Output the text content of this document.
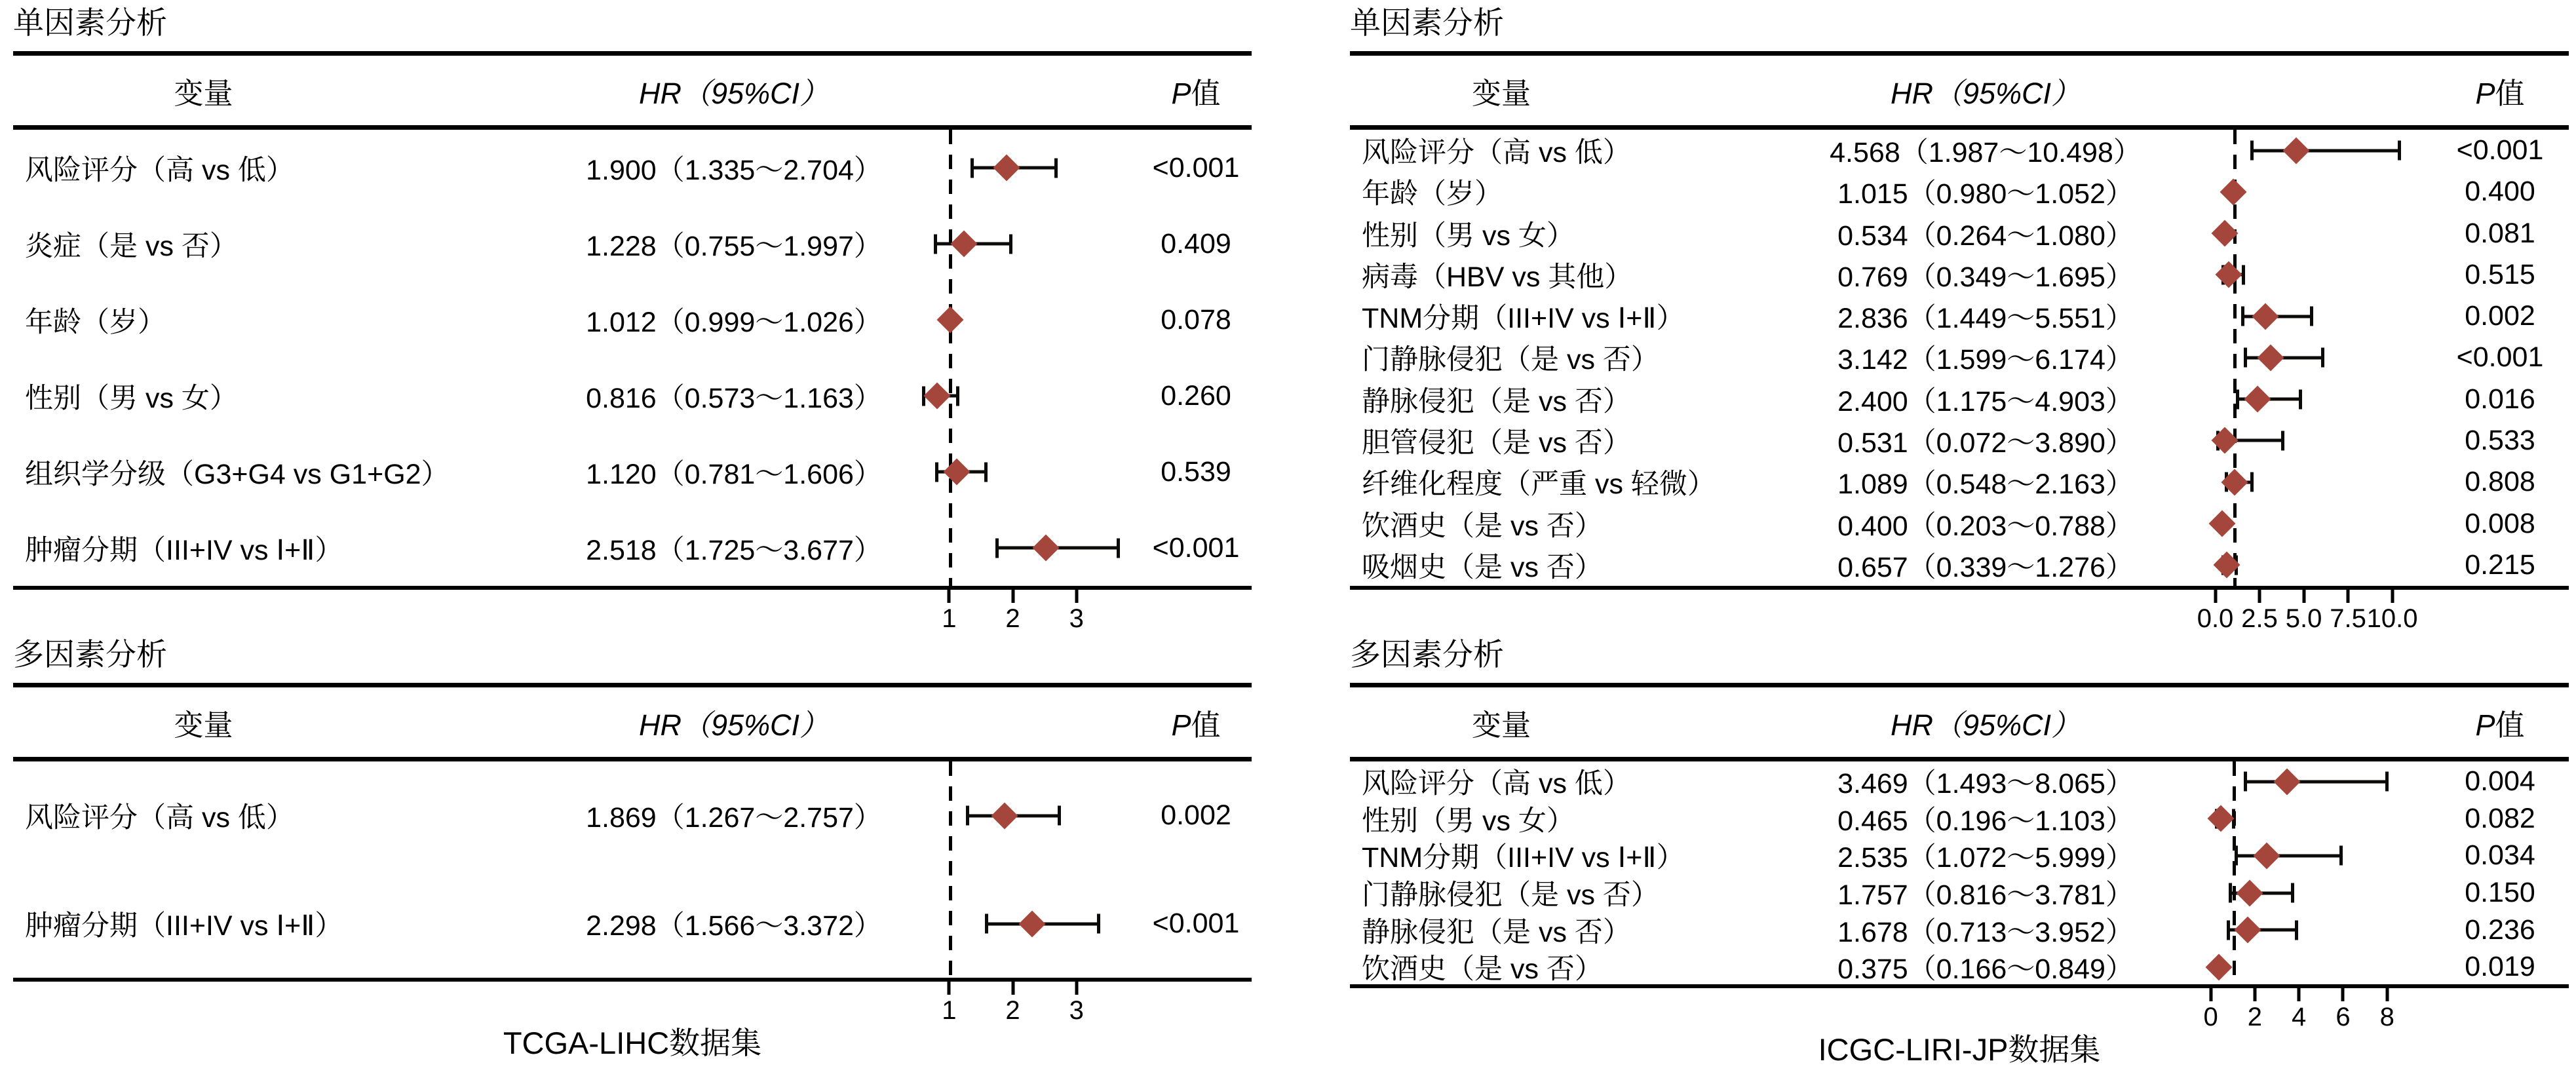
单因素分析
变量	HR（95%CI）	P值
风险评分（高 vs 低）	1.900（1.335～2.704）	<0.001
炎症（是 vs 否）	1.228（0.755～1.997）	0.409
年龄（岁）	1.012（0.999～1.026）	0.078
性别（男 vs 女）	0.816（0.573～1.163）	0.260
组织学分级（G3+G4 vs G1+G2）	1.120（0.781～1.606）	0.539
肿瘤分期（III+IV vs Ⅰ+Ⅱ）	2.518（1.725～3.677）	<0.001
1 2 3
多因素分析
变量	HR（95%CI）	P值
风险评分（高 vs 低）	1.869（1.267～2.757）	0.002
肿瘤分期（III+IV vs Ⅰ+Ⅱ）	2.298（1.566～3.372）	<0.001
1 2 3
TCGA-LIHC数据集
单因素分析
变量	HR（95%CI）	P值
风险评分（高 vs 低）	4.568（1.987～10.498）	<0.001
年龄（岁）	1.015（0.980～1.052）	0.400
性别（男 vs 女）	0.534（0.264～1.080）	0.081
病毒（HBV vs 其他）	0.769（0.349～1.695）	0.515
TNM分期（III+IV vs Ⅰ+Ⅱ）	2.836（1.449～5.551）	0.002
门静脉侵犯（是 vs 否）	3.142（1.599～6.174）	<0.001
静脉侵犯（是 vs 否）	2.400（1.175～4.903）	0.016
胆管侵犯（是 vs 否）	0.531（0.072～3.890）	0.533
纤维化程度（严重 vs 轻微）	1.089（0.548～2.163）	0.808
饮酒史（是 vs 否）	0.400（0.203～0.788）	0.008
吸烟史（是 vs 否）	0.657（0.339～1.276）	0.215
0.0 2.5 5.0 7.5 10.0
多因素分析
变量	HR（95%CI）	P值
风险评分（高 vs 低）	3.469（1.493～8.065）	0.004
性别（男 vs 女）	0.465（0.196～1.103）	0.082
TNM分期（III+IV vs Ⅰ+Ⅱ）	2.535（1.072～5.999）	0.034
门静脉侵犯（是 vs 否）	1.757（0.816～3.781）	0.150
静脉侵犯（是 vs 否）	1.678（0.713～3.952）	0.236
饮酒史（是 vs 否）	0.375（0.166～0.849）	0.019
0 2 4 6 8
ICGC-LIRI-JP数据集
